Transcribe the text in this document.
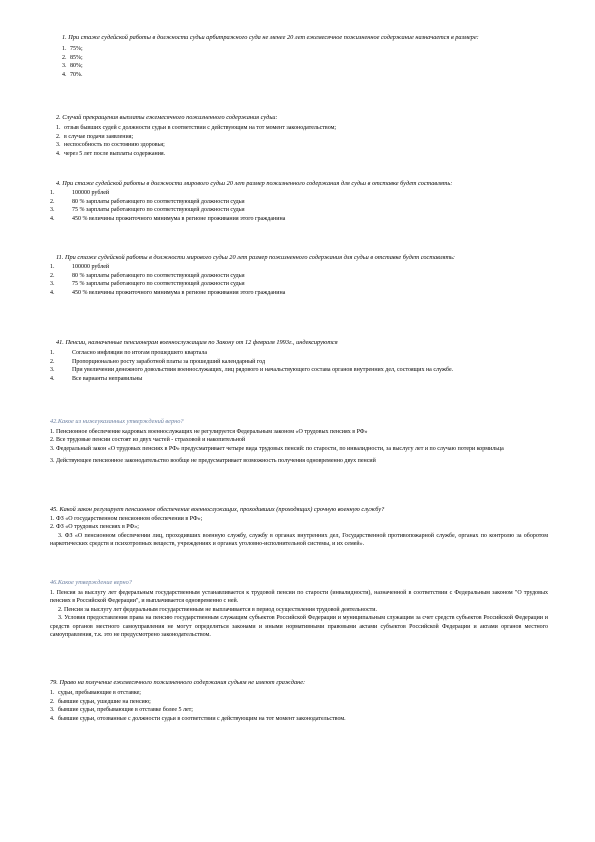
1. При стаже судейской работы в должности судьи арбитражного суда не менее 20 лет ежемесячное пожизненное содержание назначается в размере:
1. 75%;
2. 85%;
3. 80%;
4. 70%.
2. Случай прекращения выплаты ежемесячного пожизненного содержания судьи:
1. отзыв бывших судей с должности судьи в соответствии с действующим на тот момент законодательством;
2. в случае подачи заявления;
3. неспособность по состоянию здоровья;
4. через 5 лет после выплаты содержания.
4. При стаже судейской работы в должности мирового судьи 20 лет размер пожизненного содержания для судьи в отставке будет составлять:
1.	100000 рублей
2.	80 % зарплаты работающего по соответствующей должности судьи
3.	75 % зарплаты работающего по соответствующей должности судьи
4.	450 % величины прожиточного минимума в регионе проживания этого гражданина
11. При стаже судейской работы в должности мирового судьи 20 лет размер пожизненного содержания для судьи в отставке будет составлять:
1.	100000 рублей
2.	80 % зарплаты работающего по соответствующей должности судьи
3.	75 % зарплаты работающего по соответствующей должности судьи
4.	450 % величины прожиточного минимума в регионе проживания этого гражданина
41. Пенсии, назначенные пенсионерам военнослужащим по Закону от 12 февраля 1993г., индексируются
1.	Согласно инфляции по итогам прошедшего квартала
2.	Пропорционально росту заработной платы за прошедший календарный год
3.	При увеличении денежного довольствия военнослужащих, лиц рядового и начальствующего состава органов внутренних дел, состоящих на службе.
4.	Все варианты неправильны
42.Какое из нижеуказанных утверждений верно?
1. Пенсионное обеспечение кадровых военнослужащих не регулируется Федеральным законом «О трудовых пенсиях в РФ»
2. Все трудовые пенсии состоят из двух частей - страховой и накопительной
3. Федеральный закон «О трудовых пенсиях в РФ» предусматривает четыре вида трудовых пенсий: по старости, по инвалидности, за выслугу лет и по случаю потери кормильца
3. Действующее пенсионное законодательство вообще не предусматривает возможность получения одновременно двух пенсий
45. Какой закон регулирует пенсионное обеспечение военнослужащих, проходивших (проходящих) срочную военную службу?
1. ФЗ «О государственном пенсионном обеспечении в РФ»;
2. ФЗ «О трудовых пенсиях в РФ»;
3. ФЗ «О пенсионном обеспечении лиц, проходивших военную службу, службу в органах внутренних дел, Государственной противопожарной службе, органах по контролю за оборотом наркотических средств и психотропных веществ, учреждениях и органах уголовно-исполнительной системы, и их семей».
46.Какое утверждение верно?
1. Пенсия за выслугу лет федеральным государственным устанавливается к трудовой пенсии по старости (инвалидности), назначенной в соответствии с Федеральным законом "О трудовых пенсиях в Российской Федерации", и выплачивается одновременно с ней.
2. Пенсия за выслугу лет федеральным государственным не выплачивается в период осуществления трудовой деятельности.
3. Условия предоставления права на пенсию государственным служащим субъектов Российской Федерации и муниципальным служащим за счет средств субъектов Российской Федерации и средств органов местного самоуправления не могут определяться законами и иными нормативными правовыми актами субъектов Российской Федерации и актами органов местного самоуправления, т.к. это не предусмотрено законодательством.
79. Право на получение ежемесячного пожизненного содержания судьям не имеют граждане:
1. судьи, пребывающие в отставке;
2. бывшие судьи, ушедшие на пенсию;
3. бывшие судьи, пребывающие в отставке более 5 лет;
4. бывшие судьи, отозванные с должности судьи в соответствии с действующим на тот момент законодательством.
